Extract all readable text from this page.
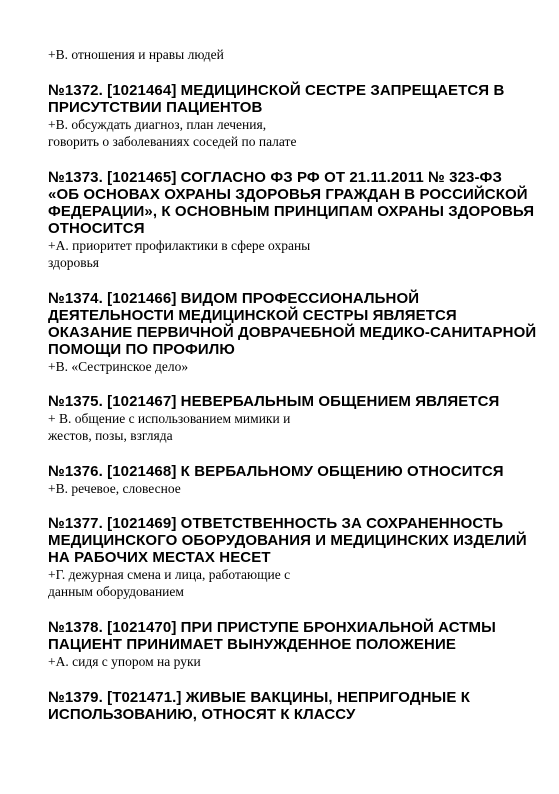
+В. отношения и нравы людей
№1372. [1021464] МЕДИЦИНСКОЙ СЕСТРЕ ЗАПРЕЩАЕТСЯ В
ПРИСУТСТВИИ ПАЦИЕНТОВ
+В. обсуждать диагноз, план лечения,
говорить о заболеваниях соседей по палате
№1373. [1021465] СОГЛАСНО ФЗ РФ ОТ 21.11.2011 № 323-ФЗ
«ОБ ОСНОВАХ ОХРАНЫ ЗДОРОВЬЯ ГРАЖДАН В РОССИЙСКОЙ
ФЕДЕРАЦИИ», К ОСНОВНЫМ ПРИНЦИПАМ ОХРАНЫ ЗДОРОВЬЯ
ОТНОСИТСЯ
+А. приоритет профилактики в сфере охраны
здоровья
№1374. [1021466] ВИДОМ ПРОФЕССИОНАЛЬНОЙ
ДЕЯТЕЛЬНОСТИ МЕДИЦИНСКОЙ СЕСТРЫ ЯВЛЯЕТСЯ
ОКАЗАНИЕ ПЕРВИЧНОЙ ДОВРАЧЕБНОЙ МЕДИКО-САНИТАРНОЙ
ПОМОЩИ ПО ПРОФИЛЮ
+В. «Сестринское дело»
№1375. [1021467] НЕВЕРБАЛЬНЫМ ОБЩЕНИЕМ ЯВЛЯЕТСЯ
+ В. общение с использованием мимики и
жестов, позы, взгляда
№1376. [1021468] К ВЕРБАЛЬНОМУ ОБЩЕНИЮ ОТНОСИТСЯ
+В. речевое, словесное
№1377. [1021469] ОТВЕТСТВЕННОСТЬ ЗА СОХРАНЕННОСТЬ
МЕДИЦИНСКОГО ОБОРУДОВАНИЯ И МЕДИЦИНСКИХ ИЗДЕЛИЙ
НА РАБОЧИХ МЕСТАХ НЕСЕТ
+Г. дежурная смена и лица, работающие с
данным оборудованием
№1378. [1021470] ПРИ ПРИСТУПЕ БРОНХИАЛЬНОЙ АСТМЫ
ПАЦИЕНТ ПРИНИМАЕТ ВЫНУЖДЕННОЕ ПОЛОЖЕНИЕ
+А. сидя с упором на руки
№1379. [T021471.] ЖИВЫЕ ВАКЦИНЫ, НЕПРИГОДНЫЕ К
ИСПОЛЬЗОВАНИЮ, ОТНОСЯТ К КЛАССУ
